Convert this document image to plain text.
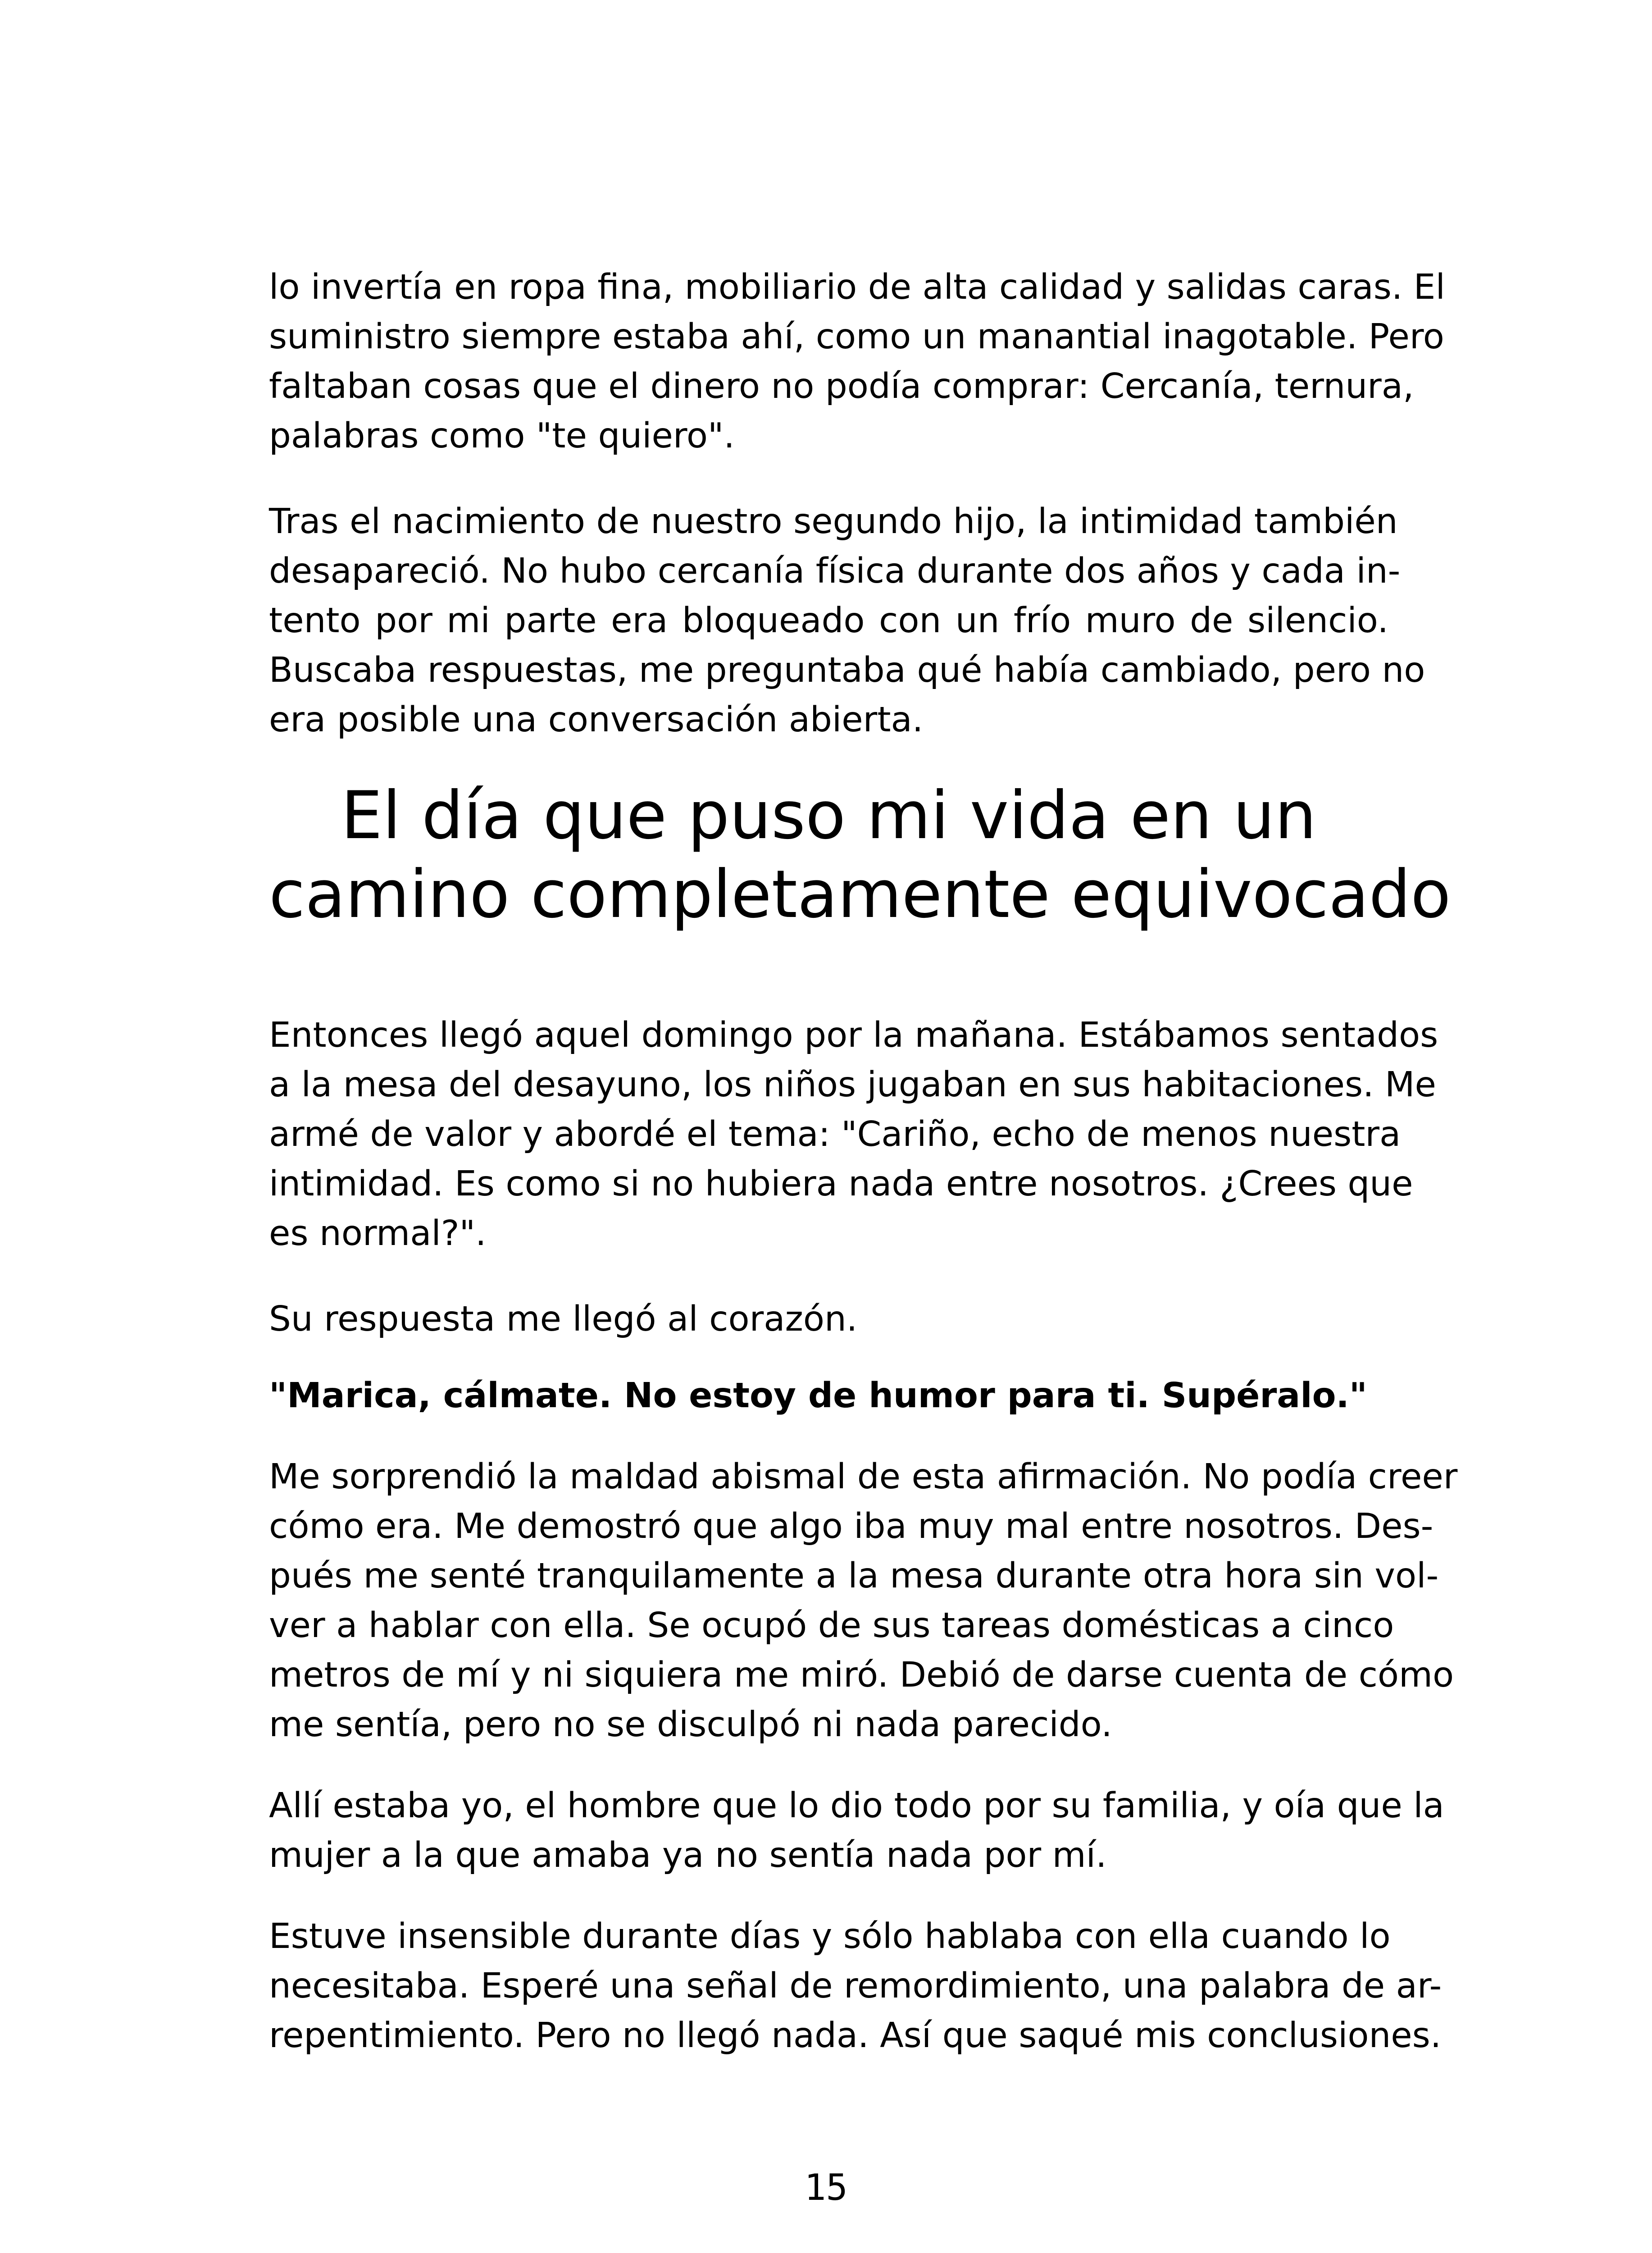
lo invertía en ropa fina, mobiliario de alta calidad y salidas caras. El
suministro siempre estaba ahí, como un manantial inagotable. Pero
faltaban cosas que el dinero no podía comprar: Cercanía, ternura,
palabras como "te quiero".
Tras el nacimiento de nuestro segundo hijo, la intimidad también
desapareció. No hubo cercanía física durante dos años y cada in-
tento por mi parte era bloqueado con un frío muro de silencio.
Buscaba respuestas, me preguntaba qué había cambiado, pero no
era posible una conversación abierta.
El día que puso mi vida en un
camino completamente equivocado
Entonces llegó aquel domingo por la mañana. Estábamos sentados
a la mesa del desayuno, los niños jugaban en sus habitaciones. Me
armé de valor y abordé el tema: "Cariño, echo de menos nuestra
intimidad. Es como si no hubiera nada entre nosotros. ¿Crees que
es normal?".
Su respuesta me llegó al corazón.
"Marica, cálmate. No estoy de humor para ti. Supéralo."
Me sorprendió la maldad abismal de esta afirmación. No podía creer
cómo era. Me demostró que algo iba muy mal entre nosotros. Des-
pués me senté tranquilamente a la mesa durante otra hora sin vol-
ver a hablar con ella. Se ocupó de sus tareas domésticas a cinco
metros de mí y ni siquiera me miró. Debió de darse cuenta de cómo
me sentía, pero no se disculpó ni nada parecido.
Allí estaba yo, el hombre que lo dio todo por su familia, y oía que la
mujer a la que amaba ya no sentía nada por mí.
Estuve insensible durante días y sólo hablaba con ella cuando lo
necesitaba. Esperé una señal de remordimiento, una palabra de ar-
repentimiento. Pero no llegó nada. Así que saqué mis conclusiones.
15
